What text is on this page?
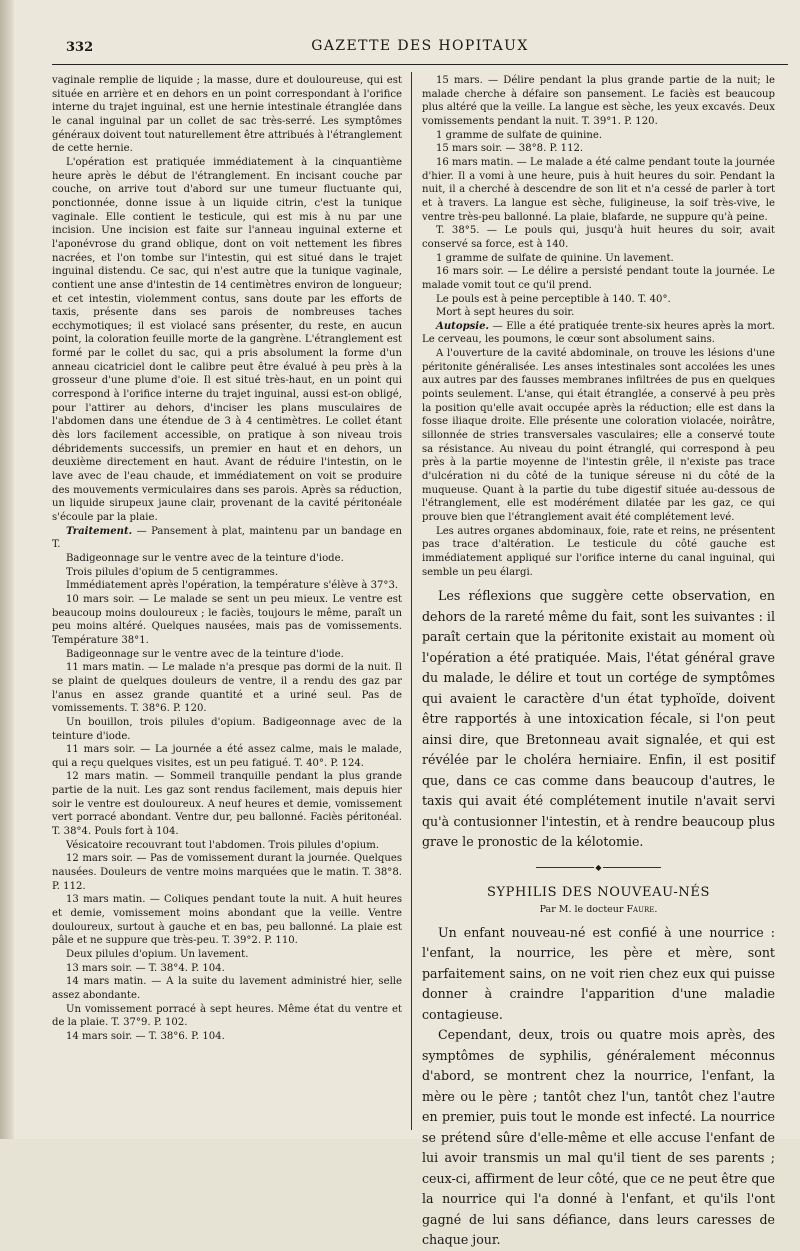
332	GAZETTE DES HOPITAUX

vaginale remplie de liquide ; la masse, dure et douloureuse, qui est située en arrière et en dehors en un point correspondant à l'orifice interne du trajet inguinal, est une hernie intestinale étranglée dans le canal inguinal par un collet de sac très-serré. Les symptômes généraux doivent tout naturellement être attribués à l'étranglement de cette hernie.

L'opération est pratiquée immédiatement à la cinquantième heure après le début de l'étranglement. En incisant couche par couche, on arrive tout d'abord sur une tumeur fluctuante qui, ponctionnée, donne issue à un liquide citrin, c'est la tunique vaginale. Elle contient le testicule, qui est mis à nu par une incision. Une incision est faite sur l'anneau inguinal externe et l'aponévrose du grand oblique, dont on voit nettement les fibres nacrées, et l'on tombe sur l'intestin, qui est situé dans le trajet inguinal distendu. Ce sac, qui n'est autre que la tunique vaginale, contient une anse d'intestin de 14 centimètres environ de longueur; et cet intestin, violemment contus, sans doute par les efforts de taxis, présente dans ses parois de nombreuses taches ecchymotiques; il est violacé sans présenter, du reste, en aucun point, la coloration feuille morte de la gangrène. L'étranglement est formé par le collet du sac, qui a pris absolument la forme d'un anneau cicatriciel dont le calibre peut être évalué à peu près à la grosseur d'une plume d'oie. Il est situé très-haut, en un point qui correspond à l'orifice interne du trajet inguinal, aussi est-on obligé, pour l'attirer au dehors, d'inciser les plans musculaires de l'abdomen dans une étendue de 3 à 4 centimètres. Le collet étant dès lors facilement accessible, on pratique à son niveau trois débridements successifs, un premier en haut et en dehors, un deuxième directement en haut. Avant de réduire l'intestin, on le lave avec de l'eau chaude, et immédiatement on voit se produire des mouvements vermiculaires dans ses parois. Après sa réduction, un liquide sirupeux jaune clair, provenant de la cavité péritonéale s'écoule par la plaie.

Traitement. — Pansement à plat, maintenu par un bandage en T.

Badigeonnage sur le ventre avec de la teinture d'iode.

Trois pilules d'opium de 5 centigrammes.

Immédiatement après l'opération, la température s'élève à 37°3.

10 mars soir. — Le malade se sent un peu mieux. Le ventre est beaucoup moins douloureux ; le faciès, toujours le même, paraît un peu moins altéré. Quelques nausées, mais pas de vomissements. Température 38°1.

Badigeonnage sur le ventre avec de la teinture d'iode.

11 mars matin. — Le malade n'a presque pas dormi de la nuit. Il se plaint de quelques douleurs de ventre, il a rendu des gaz par l'anus en assez grande quantité et a uriné seul. Pas de vomissements. T. 38°6. P. 120.

Un bouillon, trois pilules d'opium. Badigeonnage avec de la teinture d'iode.

11 mars soir. — La journée a été assez calme, mais le malade, qui a reçu quelques visites, est un peu fatigué. T. 40°. P. 124.

12 mars matin. — Sommeil tranquille pendant la plus grande partie de la nuit. Les gaz sont rendus facilement, mais depuis hier soir le ventre est douloureux. A neuf heures et demie, vomissement vert porracé abondant. Ventre dur, peu ballonné. Faciès péritonéal. T. 38°4. Pouls fort à 104.

Vésicatoire recouvrant tout l'abdomen. Trois pilules d'opium.

12 mars soir. — Pas de vomissement durant la journée. Quelques nausées. Douleurs de ventre moins marquées que le matin. T. 38°8. P. 112.

13 mars matin. — Coliques pendant toute la nuit. A huit heures et demie, vomissement moins abondant que la veille. Ventre douloureux, surtout à gauche et en bas, peu ballonné. La plaie est pâle et ne suppure que très-peu. T. 39°2. P. 110.

Deux pilules d'opium. Un lavement.

13 mars soir. — T. 38°4. P. 104.

14 mars matin. — A la suite du lavement administré hier, selle assez abondante.

Un vomissement porracé à sept heures. Même état du ventre et de la plaie. T. 37°9. P. 102.

14 mars soir. — T. 38°6. P. 104.

15 mars. — Délire pendant la plus grande partie de la nuit; le malade cherche à défaire son pansement. Le faciès est beaucoup plus altéré que la veille. La langue est sèche, les yeux excavés. Deux vomissements pendant la nuit. T. 39°1. P. 120.

1 gramme de sulfate de quinine.

15 mars soir. — 38°8. P. 112.

16 mars matin. — Le malade a été calme pendant toute la journée d'hier. Il a vomi à une heure, puis à huit heures du soir. Pendant la nuit, il a cherché à descendre de son lit et n'a cessé de parler à tort et à travers. La langue est sèche, fuligineuse, la soif très-vive, le ventre très-peu ballonné. La plaie, blafarde, ne suppure qu'à peine.

T. 38°5. — Le pouls qui, jusqu'à huit heures du soir, avait conservé sa force, est à 140.

1 gramme de sulfate de quinine. Un lavement.

16 mars soir. — Le délire a persisté pendant toute la journée. Le malade vomit tout ce qu'il prend.

Le pouls est à peine perceptible à 140. T. 40°.

Mort à sept heures du soir.

Autopsie. — Elle a été pratiquée trente-six heures après la mort. Le cerveau, les poumons, le cœur sont absolument sains.

A l'ouverture de la cavité abdominale, on trouve les lésions d'une péritonite généralisée. Les anses intestinales sont accolées les unes aux autres par des fausses membranes infiltrées de pus en quelques points seulement. L'anse, qui était étranglée, a conservé à peu près la position qu'elle avait occupée après la réduction; elle est dans la fosse iliaque droite. Elle présente une coloration violacée, noirâtre, sillonnée de stries transversales vasculaires; elle a conservé toute sa résistance. Au niveau du point étranglé, qui correspond à peu près à la partie moyenne de l'intestin grêle, il n'existe pas trace d'ulcération ni du côté de la tunique séreuse ni du côté de la muqueuse. Quant à la partie du tube digestif située au-dessous de l'étranglement, elle est modérément dilatée par les gaz, ce qui prouve bien que l'étranglement avait été complétement levé.

Les autres organes abdominaux, foie, rate et reins, ne présentent pas trace d'altération. Le testicule du côté gauche est immédiatement appliqué sur l'orifice interne du canal inguinal, qui semble un peu élargi.

Les réflexions que suggère cette observation, en dehors de la rareté même du fait, sont les suivantes : il paraît certain que la péritonite existait au moment où l'opération a été pratiquée. Mais, l'état général grave du malade, le délire et tout un cortége de symptômes qui avaient le caractère d'un état typhoïde, doivent être rapportés à une intoxication fécale, si l'on peut ainsi dire, que Bretonneau avait signalée, et qui est révélée par le choléra herniaire. Enfin, il est positif que, dans ce cas comme dans beaucoup d'autres, le taxis qui avait été complétement inutile n'avait servi qu'à contusionner l'intestin, et à rendre beaucoup plus grave le pronostic de la kélotomie.

◆
SYPHILIS DES NOUVEAU-NÉS
Par M. le docteur Faure.

Un enfant nouveau-né est confié à une nourrice : l'enfant, la nourrice, les père et mère, sont parfaitement sains, on ne voit rien chez eux qui puisse donner à craindre l'apparition d'une maladie contagieuse.

Cependant, deux, trois ou quatre mois après, des symptômes de syphilis, généralement méconnus d'abord, se montrent chez la nourrice, l'enfant, la mère ou le père ; tantôt chez l'un, tantôt chez l'autre en premier, puis tout le monde est infecté. La nourrice se prétend sûre d'elle-même et elle accuse l'enfant de lui avoir transmis un mal qu'il tient de ses parents ; ceux-ci, affirment de leur côté, que ce ne peut être que la nourrice qui l'a donné à l'enfant, et qu'ils l'ont gagné de lui sans défiance, dans leurs caresses de chaque jour.
